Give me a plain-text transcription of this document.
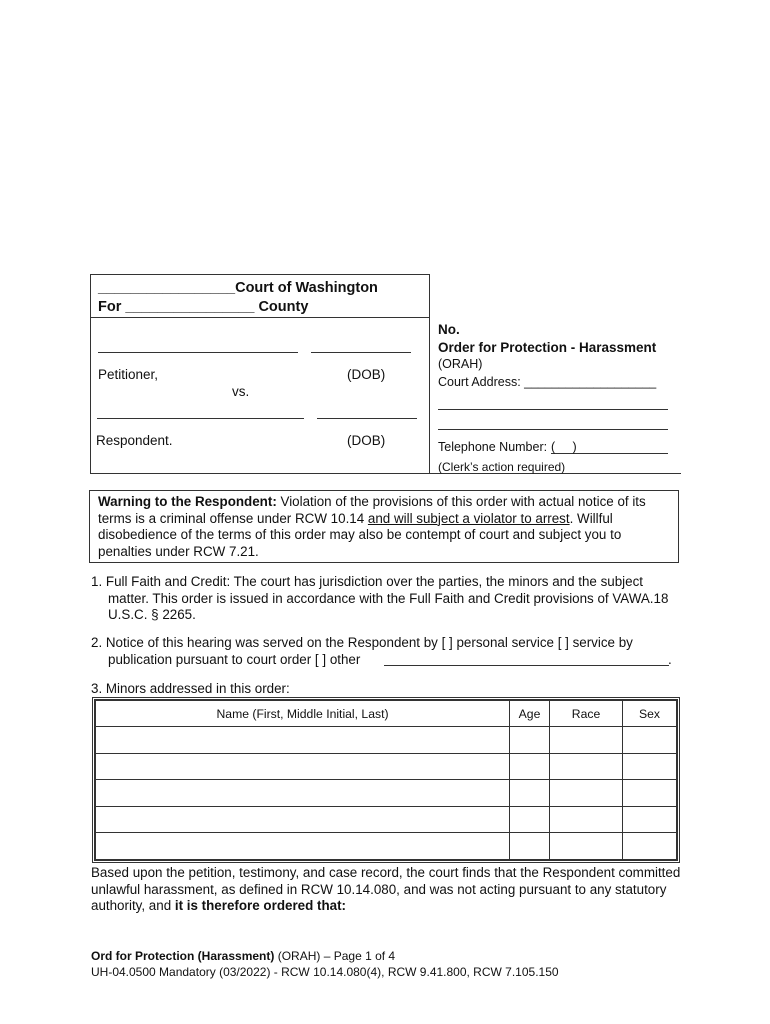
_________________Court of Washington
For ________________ County
Petitioner,	(DOB)
vs.
Respondent.	(DOB)
No.
Order for Protection - Harassment
(ORAH)
Court Address: ___________________
Telephone Number: (     )
(Clerk’s action required)
Warning to the Respondent: Violation of the provisions of this order with actual notice of its terms is a criminal offense under RCW 10.14 and will subject a violator to arrest. Willful disobedience of the terms of this order may also be contempt of court and subject you to penalties under RCW 7.21.
1. Full Faith and Credit: The court has jurisdiction over the parties, the minors and the subject matter. This order is issued in accordance with the Full Faith and Credit provisions of VAWA.18 U.S.C. § 2265.
2. Notice of this hearing was served on the Respondent by [ ] personal service [ ] service by
publication pursuant to court order [ ] other	.
3. Minors addressed in this order:
Name (First, Middle Initial, Last)	Age	Race	Sex

Based upon the petition, testimony, and case record, the court finds that the Respondent committed unlawful harassment, as defined in RCW 10.14.080, and was not acting pursuant to any statutory authority, and it is therefore ordered that:
Ord for Protection (Harassment) (ORAH) – Page 1 of 4
UH-04.0500 Mandatory (03/2022) - RCW 10.14.080(4), RCW 9.41.800, RCW 7.105.150
